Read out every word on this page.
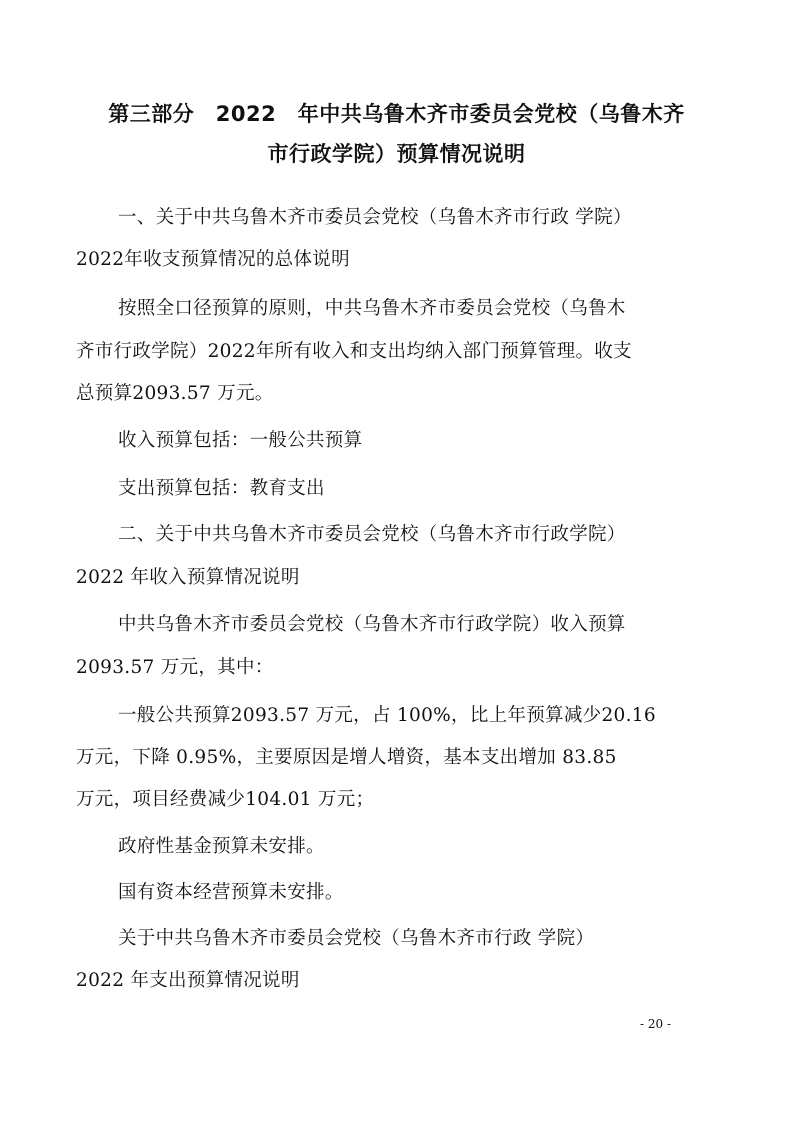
第三部分　2022　年中共乌鲁木齐市委员会党校（乌鲁木齐
市行政学院）预算情况说明
一、关于中共乌鲁木齐市委员会党校（乌鲁木齐市行政 学院）
2022年收支预算情况的总体说明
按照全口径预算的原则，中共乌鲁木齐市委员会党校（乌鲁木
齐市行政学院）2022年所有收入和支出均纳入部门预算管理。收支
总预算2093.57 万元。
收入预算包括：一般公共预算
支出预算包括：教育支出
二、关于中共乌鲁木齐市委员会党校（乌鲁木齐市行政学院）
2022 年收入预算情况说明
中共乌鲁木齐市委员会党校（乌鲁木齐市行政学院）收入预算
2093.57 万元，其中：
一般公共预算2093.57 万元，占 100%，比上年预算减少20.16
万元，下降 0.95%，主要原因是增人增资，基本支出增加 83.85
万元，项目经费减少104.01 万元；
政府性基金预算未安排。
国有资本经营预算未安排。
关于中共乌鲁木齐市委员会党校（乌鲁木齐市行政 学院）
2022 年支出预算情况说明
- 20 -
